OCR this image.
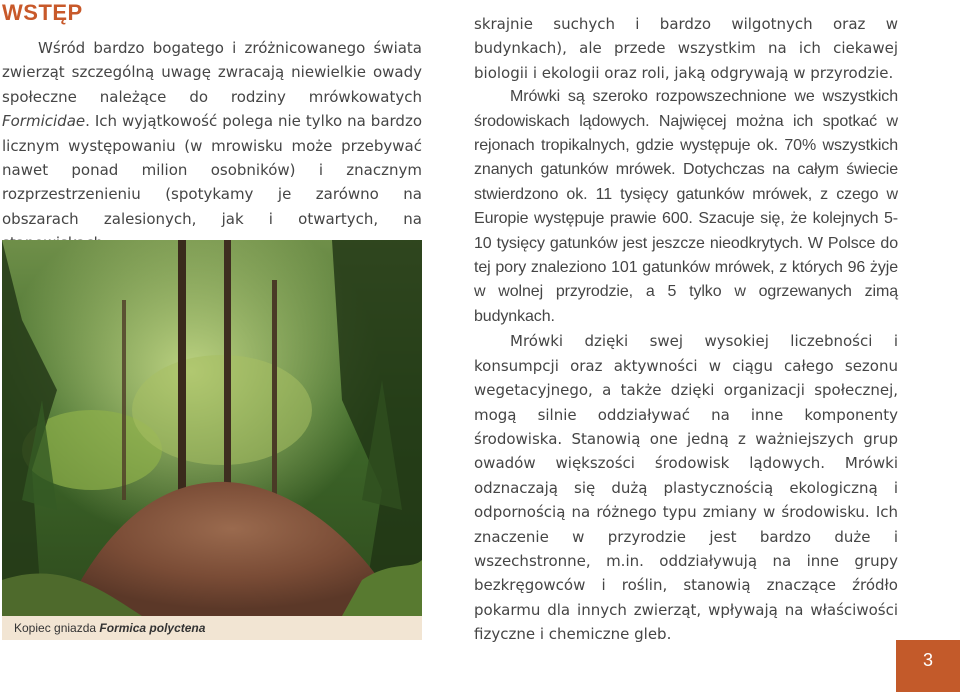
WSTĘP

Wśród bardzo bogatego i zróżnicowanego świata zwierząt szczególną uwagę zwracają niewielkie owady społeczne należące do rodziny mrówkowatych Formicidae. Ich wyjątkowość polega nie tylko na bardzo licznym występowaniu (w mrowisku może przebywać nawet ponad milion osobników) i znacznym rozprzestrzenieniu (spotykamy je zarówno na obszarach zalesionych, jak i otwartych, na

Kopiec gniazda Formica polyctena

skrajnie suchych i bardzo wilgotnych oraz w budynkach), ale przede wszystkim na ich ciekawej biologii i ekologii oraz roli, jaką odgrywają w przyrodzie.

Mrówki są szeroko rozpowszechnione we wszystkich środowiskach lądowych. Najwięcej można ich spotkać w rejonach tropikalnych, gdzie występuje ok. 70% wszystkich znanych gatunków mrówek. Dotychczas na całym świecie stwierdzono ok. 11 tysięcy gatunków mrówek, z czego w Europie występuje prawie 600. Szacuje się, że kolejnych 5-10 tysięcy gatunków jest jeszcze nieodkrytych. W Polsce do tej pory znaleziono 101 gatunków mrówek, z których 96 żyje w wolnej przyrodzie, a 5 tylko w ogrzewanych zimą budynkach.

Mrówki dzięki swej wysokiej liczebności i konsumpcji oraz aktywności w ciągu całego sezonu wegetacyjnego, a także dzięki organizacji społecznej, mogą silnie oddziaływać na inne komponenty środowiska. Stanowią one jedną z ważniejszych grup owadów większości środowisk lądowych. Mrówki odznaczają się dużą plastycznością ekologiczną i odpornością na różnego typu zmiany w środowisku. Ich znaczenie w przyrodzie jest bardzo duże i wszechstronne, m.in. oddziaływują na inne grupy bezkręgowców i roślin, stanowią znaczące źródło pokarmu dla innych zwierząt, wpływają na właściwości fizyczne i chemiczne gleb.

3
